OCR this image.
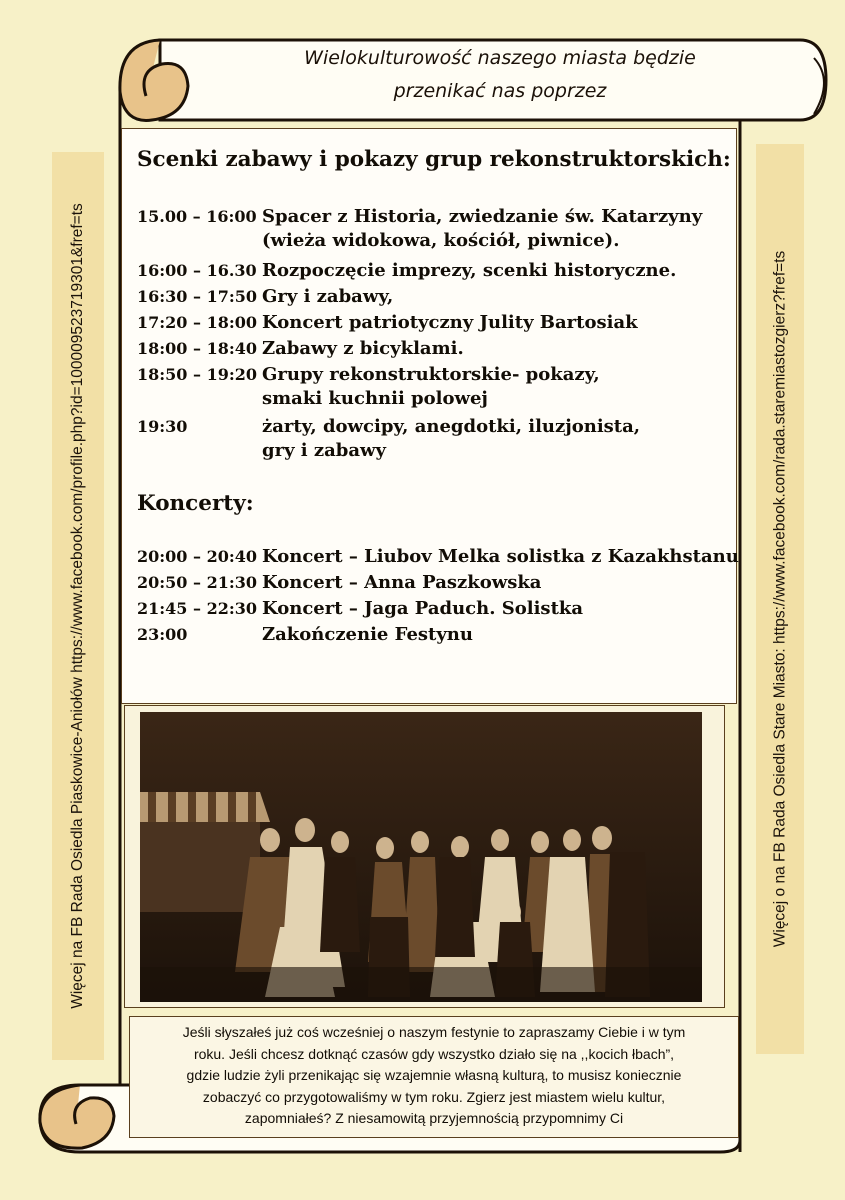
Więcej na FB Rada Osiedla Piaskowice-Aniołów https://www.facebook.com/profile.php?id=100009523719301&fref=ts	Więcej o na FB Rada Osiedla Stare Miasto: https://www.facebook.com/rada.staremiastozgierz?fref=ts
Wielokulturowość naszego miasta będzie
przenikać nas poprzez
Scenki zabawy i pokazy grup rekonstruktorskich:
15.00 – 16:00 Spacer z Historia, zwiedzanie św. Katarzyny
(wieża widokowa, kościół, piwnice).
16:00 – 16.30 Rozpoczęcie imprezy, scenki historyczne.
16:30 – 17:50 Gry i zabawy,
17:20 – 18:00 Koncert patriotyczny Julity Bartosiak
18:00 – 18:40 Zabawy z bicyklami.
18:50 – 19:20 Grupy rekonstruktorskie- pokazy,
smaki kuchnii polowej
19:30	żarty, dowcipy, anegdotki, iluzjonista,
gry i zabawy
Koncerty:
20:00 – 20:40 Koncert – Liubov Melka solistka z Kazakhstanu
20:50 – 21:30 Koncert – Anna Paszkowska
21:45 – 22:30 Koncert – Jaga Paduch. Solistka
23:00	Zakończenie Festynu
Jeśli słyszałeś już coś wcześniej o naszym festynie to zapraszamy Ciebie i w tym
roku. Jeśli chcesz dotknąć czasów gdy wszystko działo się na ,,kocich łbach”,
gdzie ludzie żyli przenikając się wzajemnie własną kulturą, to musisz koniecznie
zobaczyć co przygotowaliśmy w tym roku. Zgierz jest miastem wielu kultur,
zapomniałeś? Z niesamowitą przyjemnością przypomnimy Ci
